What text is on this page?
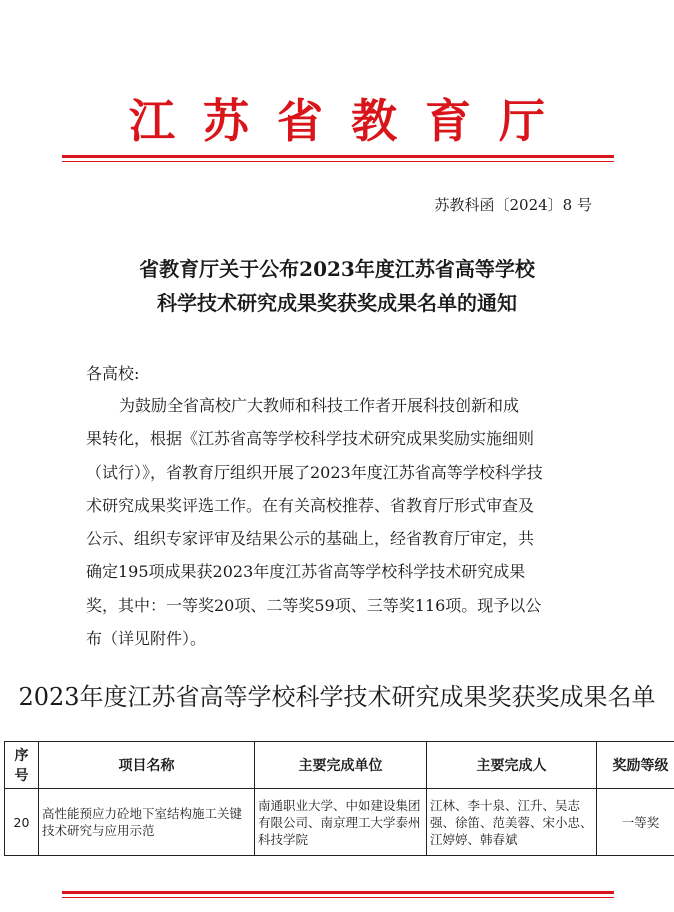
江苏省教育厅
苏教科函〔2024〕8 号
省教育厅关于公布2023年度江苏省高等学校
科学技术研究成果奖获奖成果名单的通知
各高校:
为鼓励全省高校广大教师和科技工作者开展科技创新和成
果转化，根据《江苏省高等学校科学技术研究成果奖励实施细则
（试行）》，省教育厅组织开展了2023年度江苏省高等学校科学技
术研究成果奖评选工作。在有关高校推荐、省教育厅形式审查及
公示、组织专家评审及结果公示的基础上，经省教育厅审定，共
确定195项成果获2023年度江苏省高等学校科学技术研究成果
奖，其中：一等奖20项、二等奖59项、三等奖116项。现予以公
布（详见附件）。
2023年度江苏省高等学校科学技术研究成果奖获奖成果名单
序号	项目名称	主要完成单位	主要完成人	奖励等级
20	高性能预应力砼地下室结构施工关键技术研究与应用示范	南通职业大学、中如建设集团有限公司、南京理工大学泰州科技学院	江林、李十泉、江升、吴志强、徐笛、范美蓉、宋小忠、江婷婷、韩春斌	一等奖
